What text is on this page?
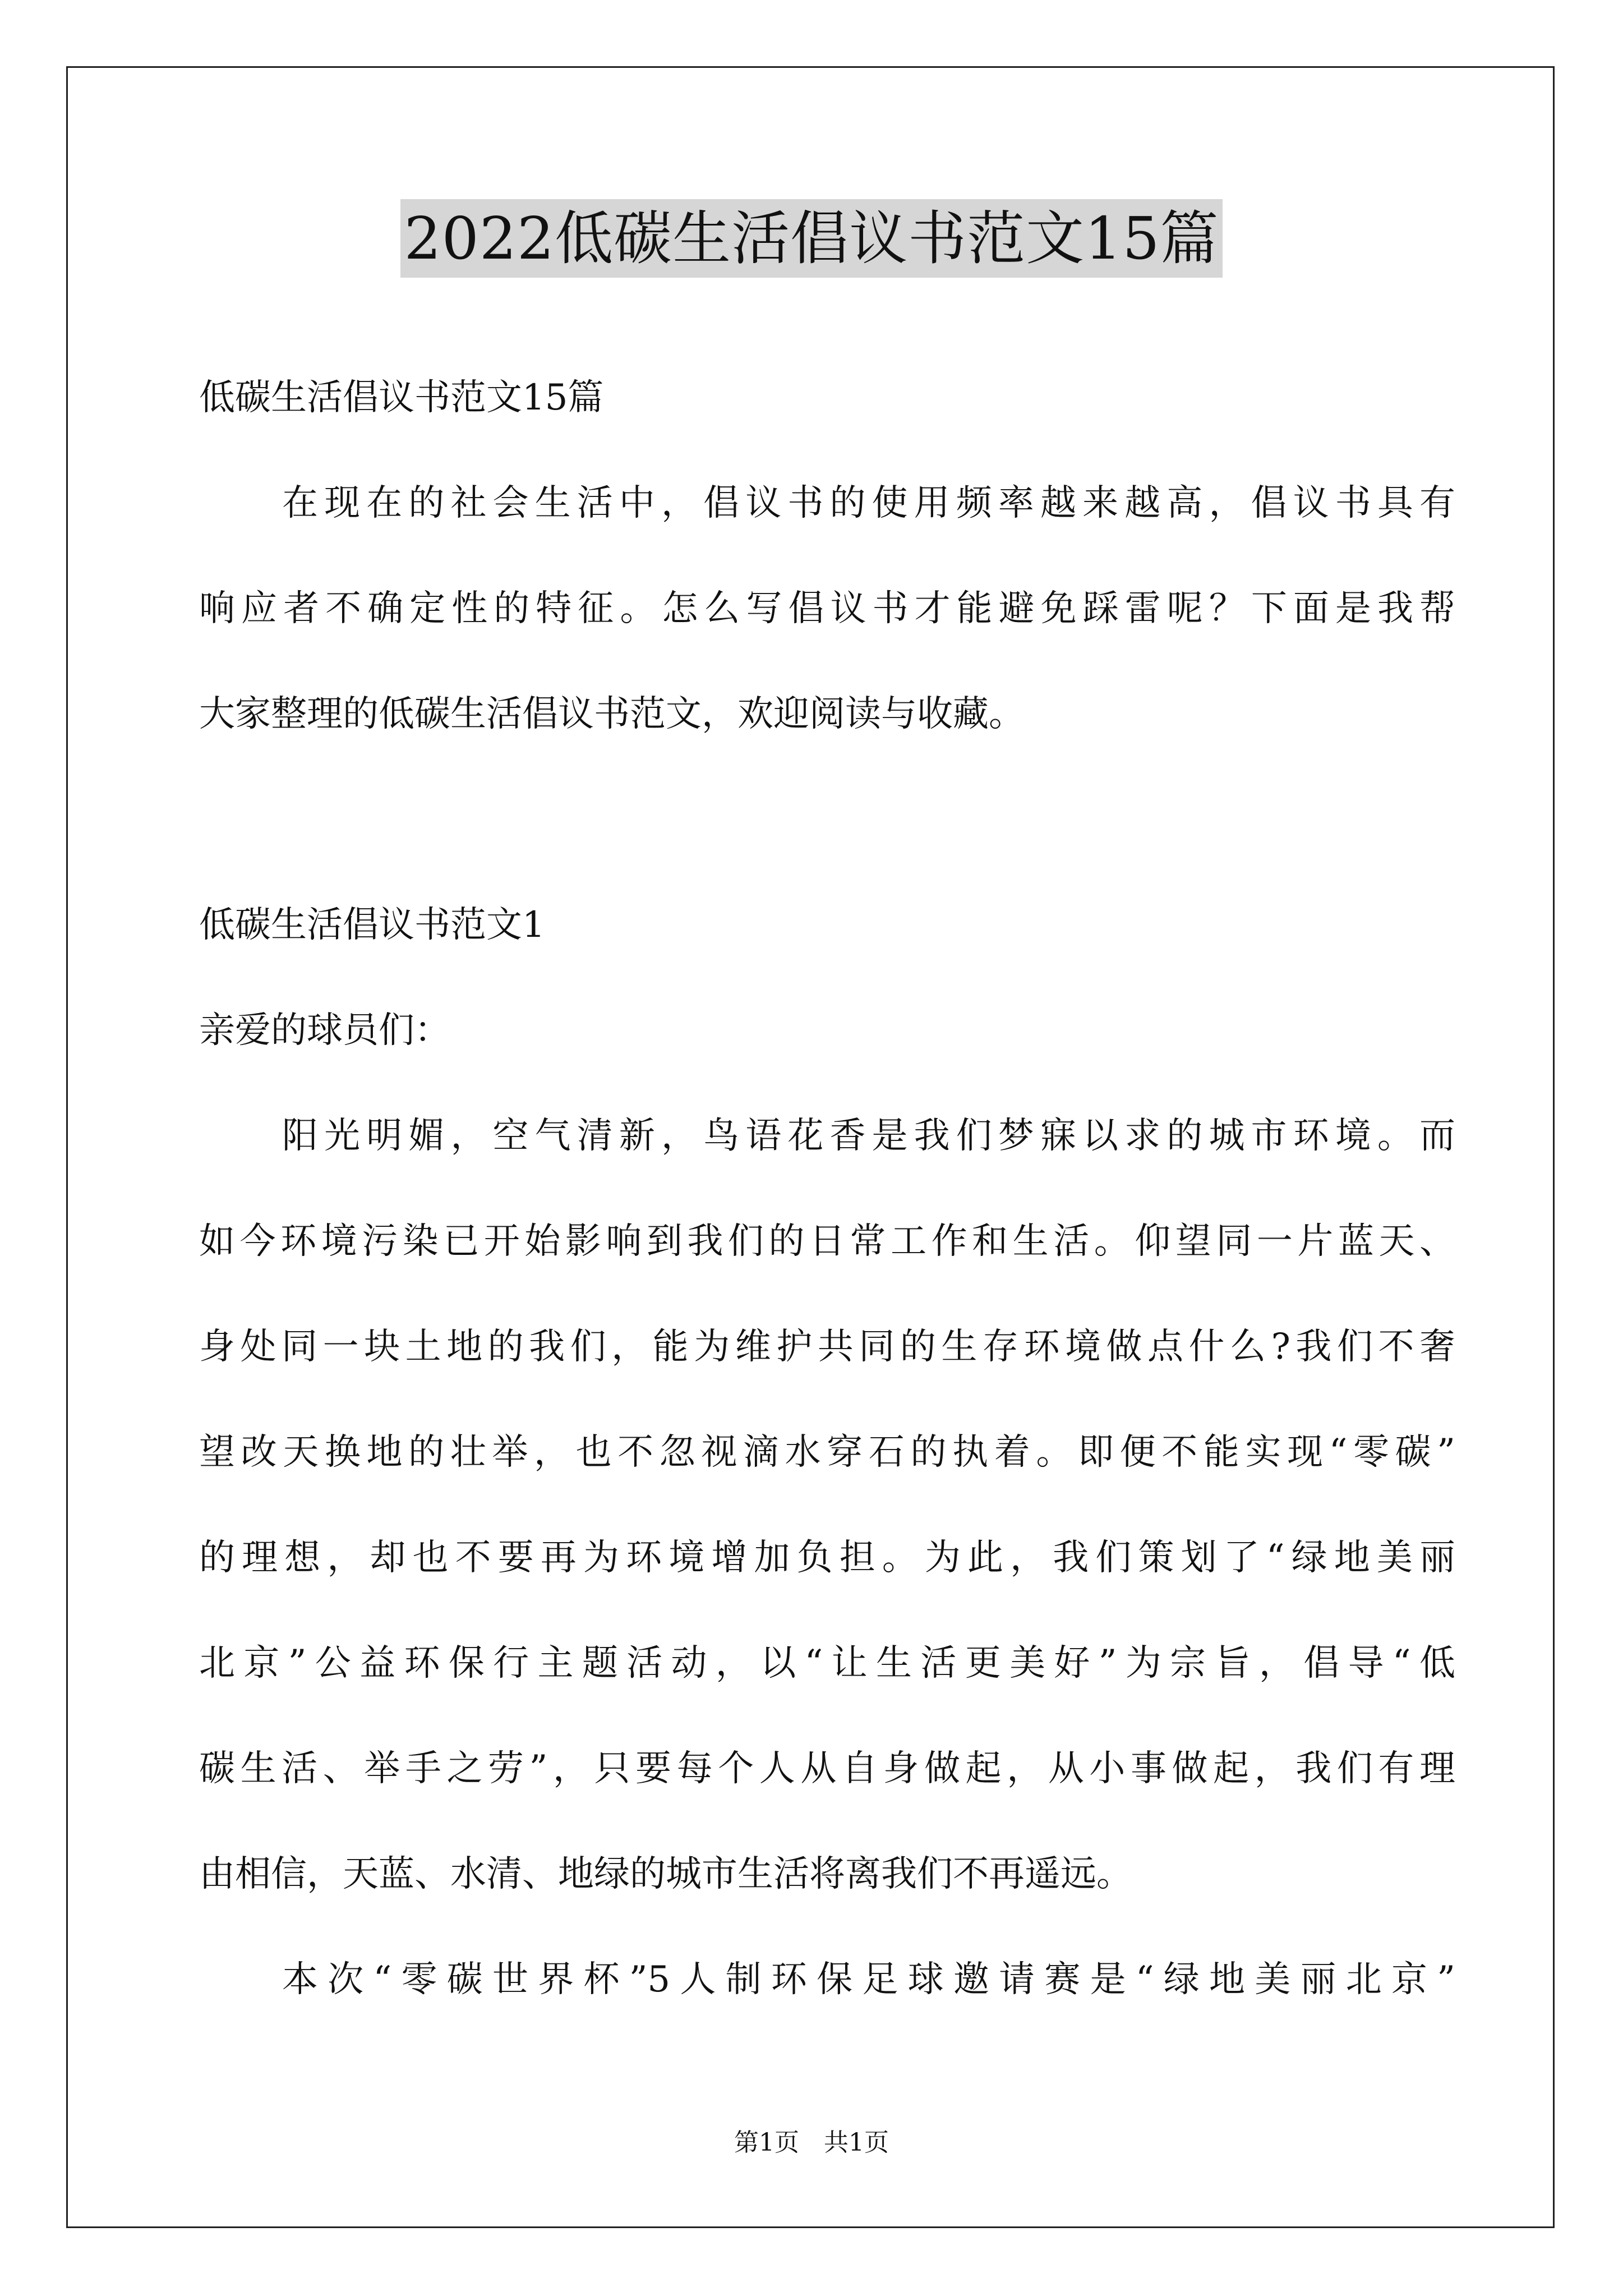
2022低碳生活倡议书范文15篇
低碳生活倡议书范文15篇
在现在的社会生活中，倡议书的使用频率越来越高，倡议书具有
响应者不确定性的特征。怎么写倡议书才能避免踩雷呢？下面是我帮
大家整理的低碳生活倡议书范文，欢迎阅读与收藏。
低碳生活倡议书范文1
亲爱的球员们：
阳光明媚，空气清新，鸟语花香是我们梦寐以求的城市环境。而
如今环境污染已开始影响到我们的日常工作和生活。仰望同一片蓝天、
身处同一块土地的我们，能为维护共同的生存环境做点什么?我们不奢
望改天换地的壮举，也不忽视滴水穿石的执着。即便不能实现“零碳”
的理想，却也不要再为环境增加负担。为此，我们策划了“绿地美丽
北京”公益环保行主题活动，以“让生活更美好”为宗旨，倡导“低
碳生活、举手之劳”，只要每个人从自身做起，从小事做起，我们有理
由相信，天蓝、水清、地绿的城市生活将离我们不再遥远。
本次“零碳世界杯”5人制环保足球邀请赛是“绿地美丽北京”
第1页　共1页
